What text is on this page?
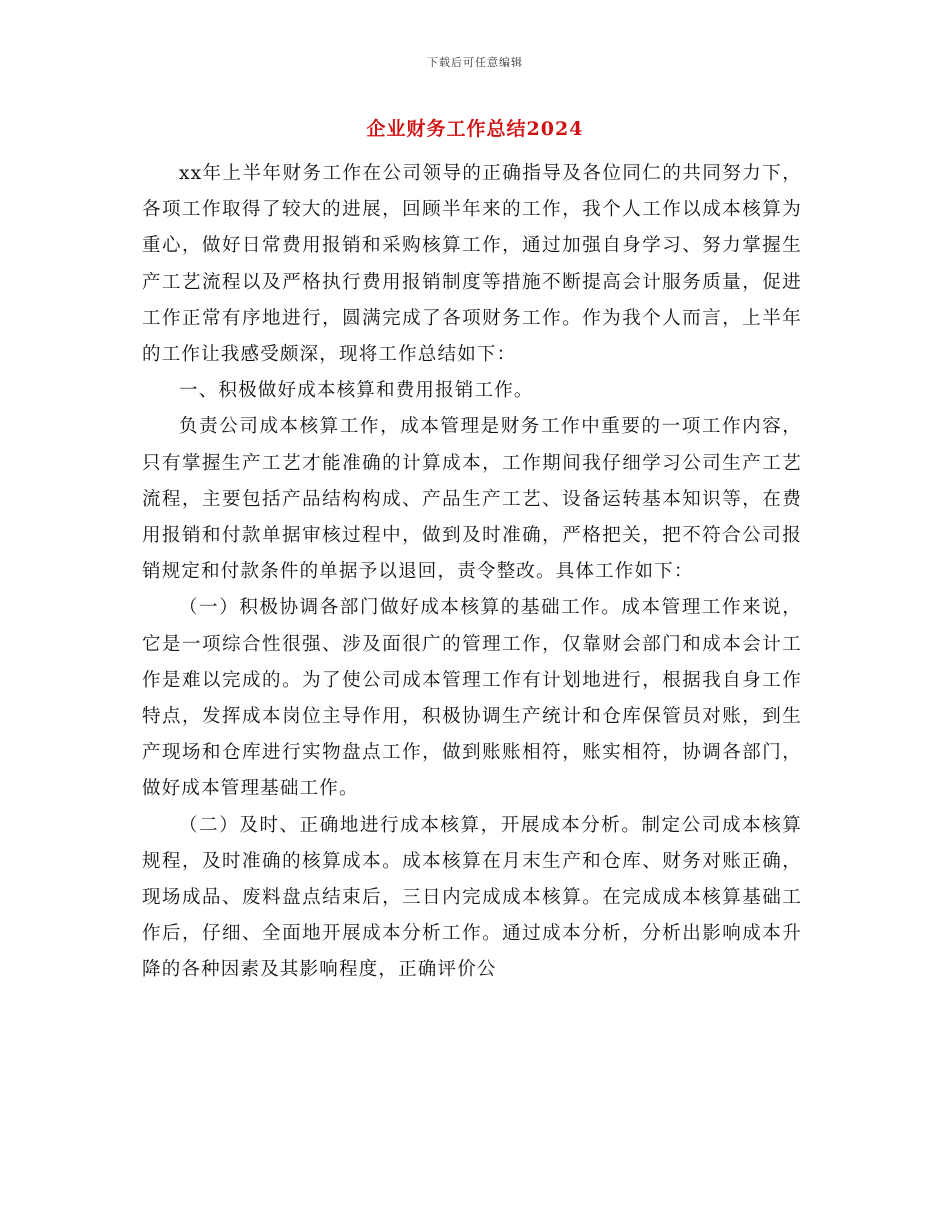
下载后可任意编辑
企业财务工作总结2024

xx年上半年财务工作在公司领导的正确指导及各位同仁的共同努力下，各项工作取得了较大的进展，回顾半年来的工作，我个人工作以成本核算为重心，做好日常费用报销和采购核算工作，通过加强自身学习、努力掌握生产工艺流程以及严格执行费用报销制度等措施不断提高会计服务质量，促进工作正常有序地进行，圆满完成了各项财务工作。作为我个人而言，上半年的工作让我感受颇深，现将工作总结如下：

一、积极做好成本核算和费用报销工作。

负责公司成本核算工作，成本管理是财务工作中重要的一项工作内容，只有掌握生产工艺才能准确的计算成本，工作期间我仔细学习公司生产工艺流程，主要包括产品结构构成、产品生产工艺、设备运转基本知识等，在费用报销和付款单据审核过程中，做到及时准确，严格把关，把不符合公司报销规定和付款条件的单据予以退回，责令整改。具体工作如下：

（一）积极协调各部门做好成本核算的基础工作。成本管理工作来说，它是一项综合性很强、涉及面很广的管理工作，仅靠财会部门和成本会计工作是难以完成的。为了使公司成本管理工作有计划地进行，根据我自身工作特点，发挥成本岗位主导作用，积极协调生产统计和仓库保管员对账，到生产现场和仓库进行实物盘点工作，做到账账相符，账实相符，协调各部门，做好成本管理基础工作。

（二）及时、正确地进行成本核算，开展成本分析。制定公司成本核算规程，及时准确的核算成本。成本核算在月末生产和仓库、财务对账正确，现场成品、废料盘点结束后，三日内完成成本核算。在完成成本核算基础工作后，仔细、全面地开展成本分析工作。通过成本分析，分析出影响成本升降的各种因素及其影响程度，正确评价公
